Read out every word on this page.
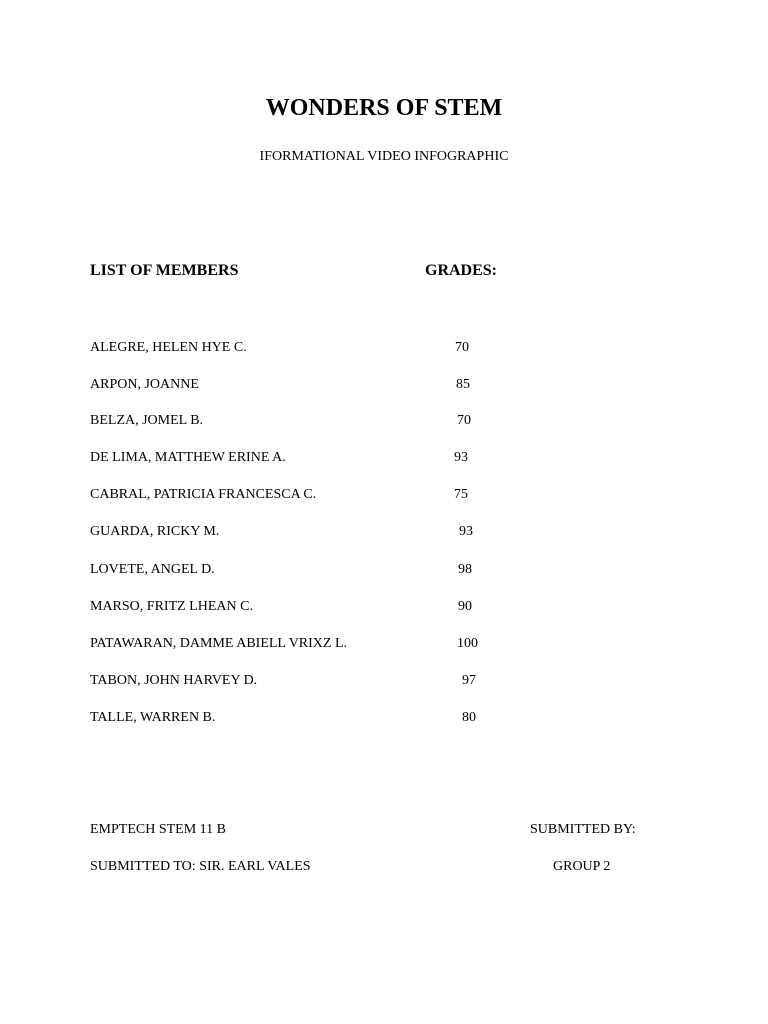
WONDERS OF STEM
IFORMATIONAL VIDEO INFOGRAPHIC
LIST OF MEMBERS	GRADES:
ALEGRE, HELEN HYE C.	70
ARPON, JOANNE	85
BELZA, JOMEL B.	70
DE LIMA, MATTHEW ERINE A.	93
CABRAL, PATRICIA FRANCESCA C.	75
GUARDA, RICKY M.	93
LOVETE, ANGEL D.	98
MARSO, FRITZ LHEAN C.	90
PATAWARAN, DAMME ABIELL VRIXZ L.	100
TABON, JOHN HARVEY D.	97
TALLE, WARREN B.	80
EMPTECH STEM 11 B
SUBMITTED TO: SIR. EARL VALES
SUBMITTED BY:
GROUP 2
